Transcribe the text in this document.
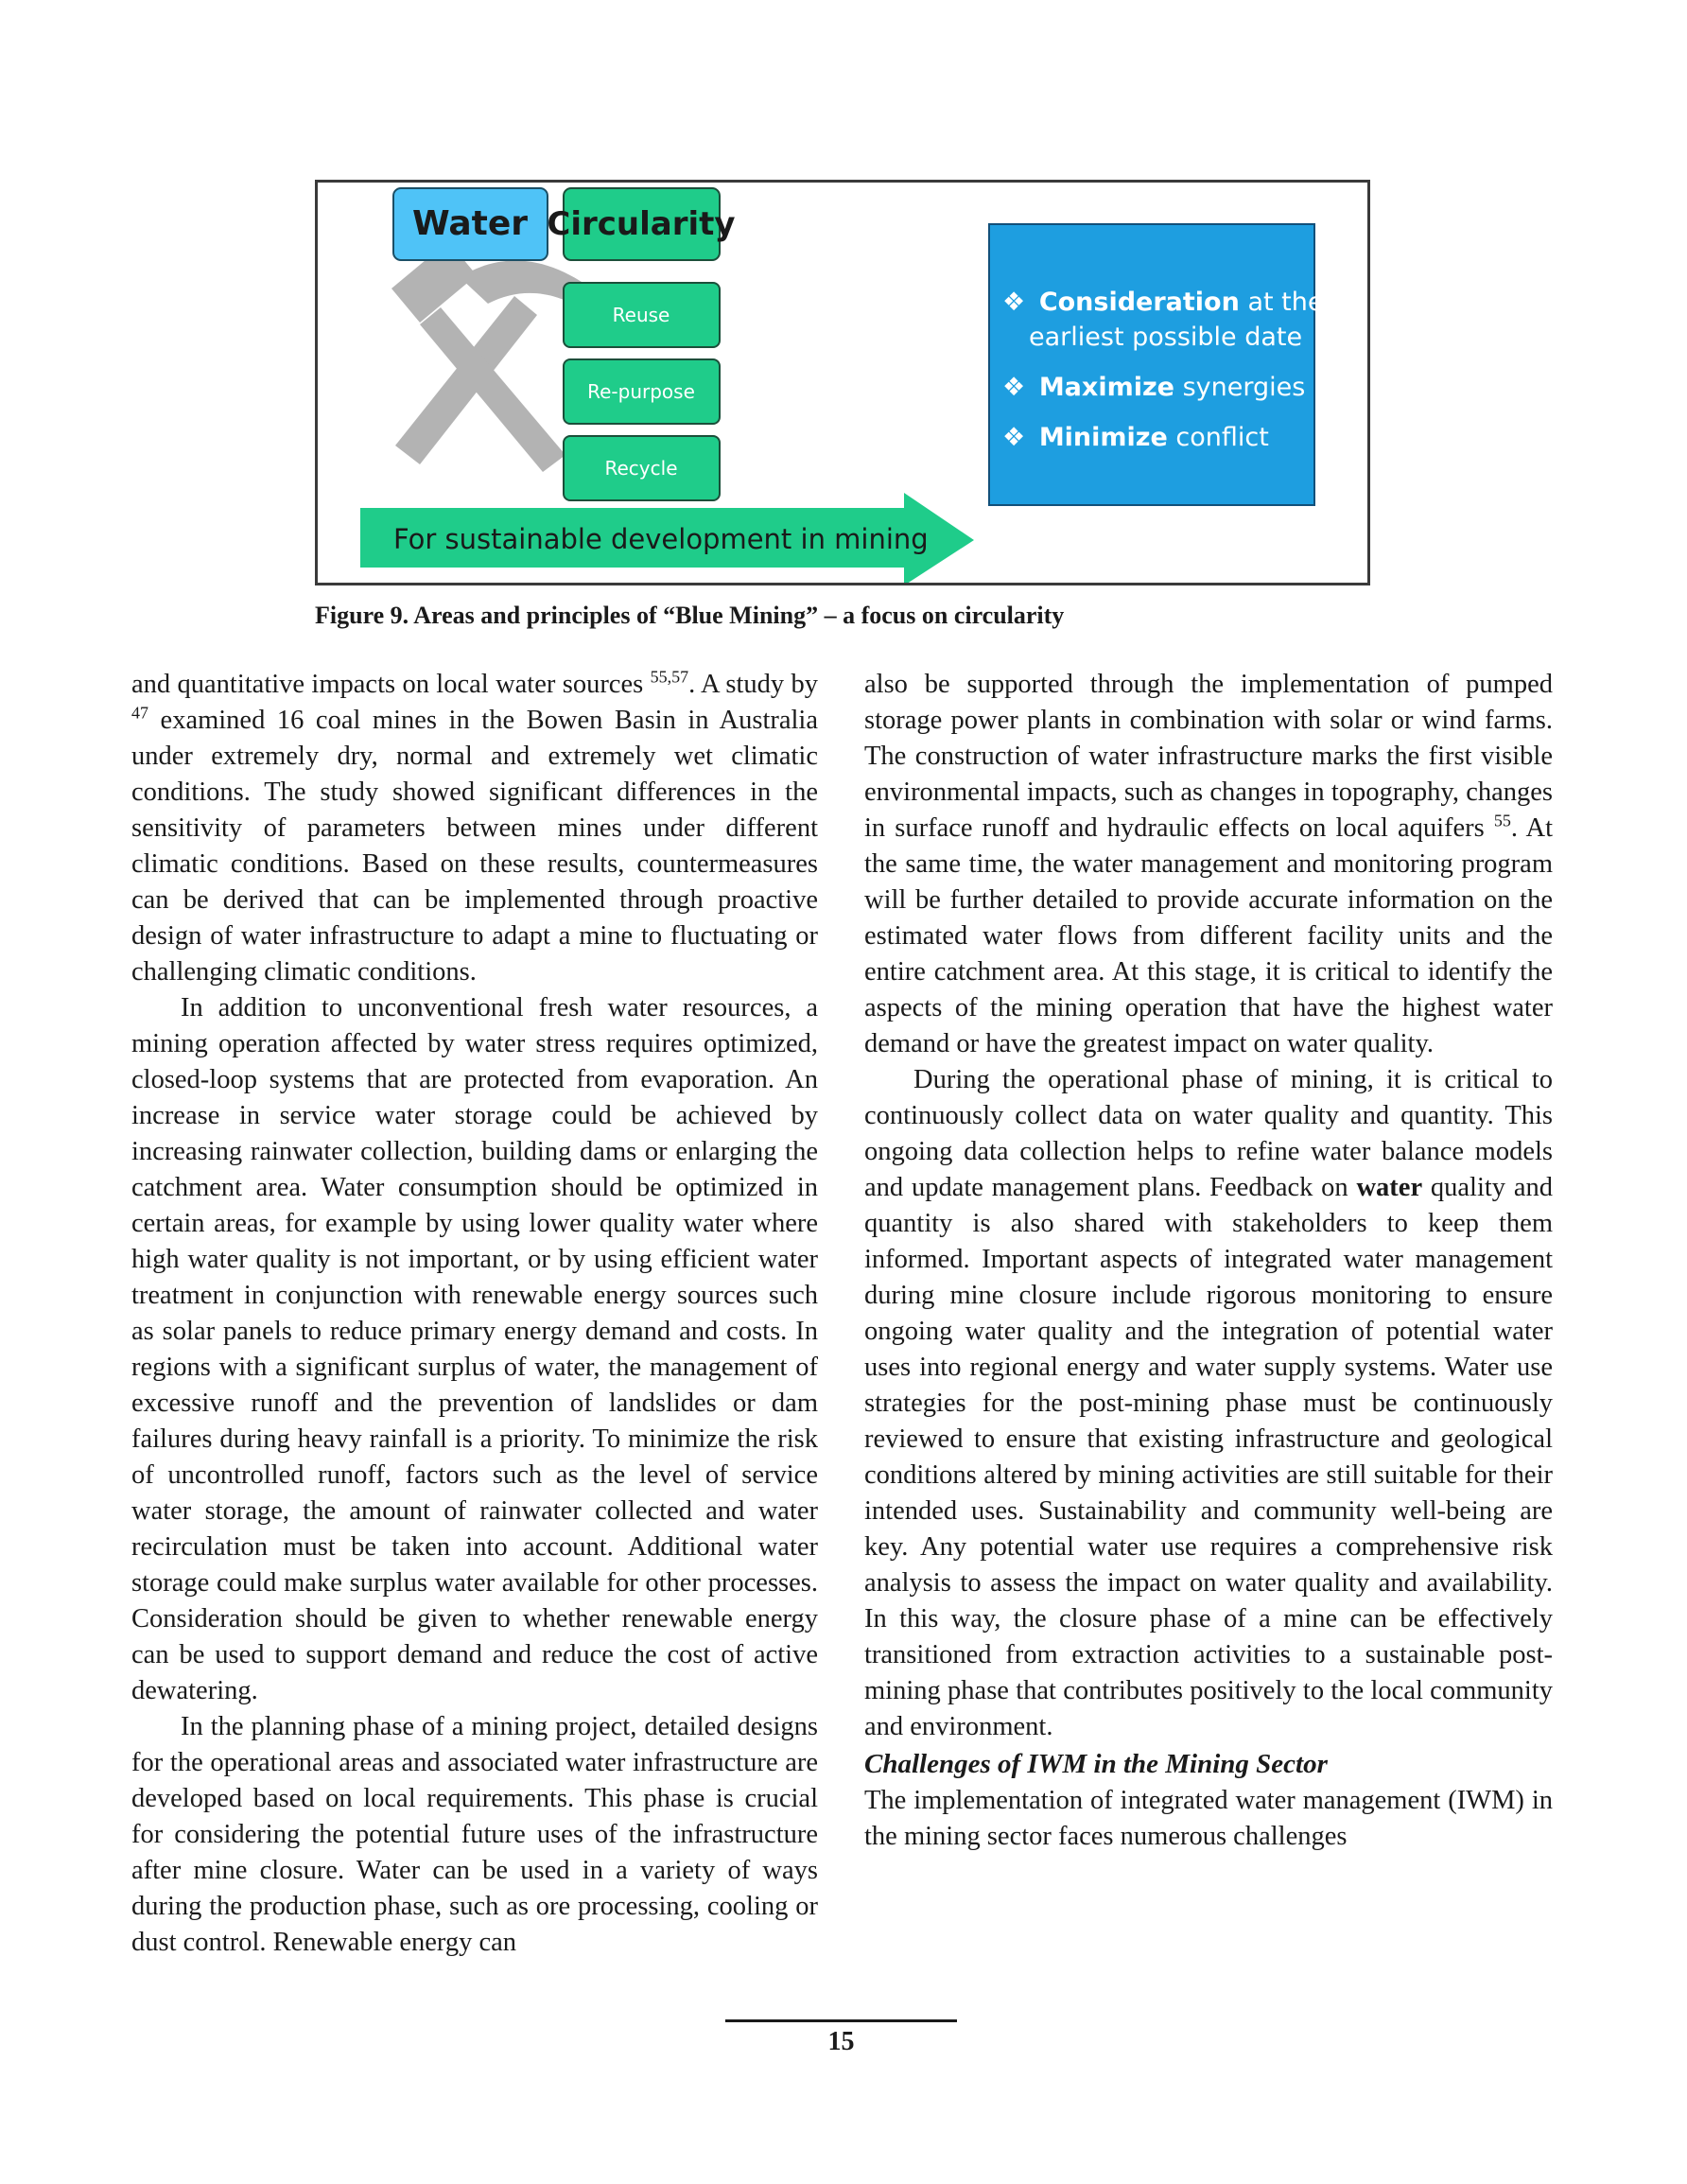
Water Circularity
Reuse
Re-purpose
Recycle
For sustainable development in mining
❖ Consideration at the
earliest possible date
❖ Maximize synergies
❖ Minimize conflict

Figure 9. Areas and principles of “Blue Mining” – a focus on circularity

and quantitative impacts on local water sources $^{55,57}$. A study by $^{47}$ examined 16 coal mines in the Bowen Basin in Australia under extremely dry, normal and extremely wet climatic conditions. The study showed significant differences in the sensitivity of parameters between mines under different climatic conditions. Based on these results, countermeasures can be derived that can be implemented through proactive design of water infrastructure to adapt a mine to fluctuating or challenging climatic conditions.

In addition to unconventional fresh water resources, a mining operation affected by water stress requires optimized, closed-loop systems that are protected from evaporation. An increase in service water storage could be achieved by increasing rainwater collection, building dams or enlarging the catchment area. Water consumption should be optimized in certain areas, for example by using lower quality water where high water quality is not important, or by using efficient water treatment in conjunction with renewable energy sources such as solar panels to reduce primary energy demand and costs. In regions with a significant surplus of water, the management of excessive runoff and the prevention of landslides or dam failures during heavy rainfall is a priority. To minimize the risk of uncontrolled runoff, factors such as the level of service water storage, the amount of rainwater collected and water recirculation must be taken into account. Additional water storage could make surplus water available for other processes. Consideration should be given to whether renewable energy can be used to support demand and reduce the cost of active dewatering.

In the planning phase of a mining project, detailed designs for the operational areas and associated water infrastructure are developed based on local requirements. This phase is crucial for considering the potential future uses of the infrastructure after mine closure. Water can be used in a variety of ways during the production phase, such as ore processing, cooling or dust control. Renewable energy can

also be supported through the implementation of pumped storage power plants in combination with solar or wind farms. The construction of water infrastructure marks the first visible environmental impacts, such as changes in topography, changes in surface runoff and hydraulic effects on local aquifers $^{55}$. At the same time, the water management and monitoring program will be further detailed to provide accurate information on the estimated water flows from different facility units and the entire catchment area. At this stage, it is critical to identify the aspects of the mining operation that have the highest water demand or have the greatest impact on water quality.

During the operational phase of mining, it is critical to continuously collect data on water quality and quantity. This ongoing data collection helps to refine water balance models and update management plans. Feedback on water quality and quantity is also shared with stakeholders to keep them informed. Important aspects of integrated water management during mine closure include rigorous monitoring to ensure ongoing water quality and the integration of potential water uses into regional energy and water supply systems. Water use strategies for the post-mining phase must be continuously reviewed to ensure that existing infrastructure and geological conditions altered by mining activities are still suitable for their intended uses. Sustainability and community well-being are key. Any potential water use requires a comprehensive risk analysis to assess the impact on water quality and availability. In this way, the closure phase of a mine can be effectively transitioned from extraction activities to a sustainable post-mining phase that contributes positively to the local community and environment.

Challenges of IWM in the Mining Sector

The implementation of integrated water management (IWM) in the mining sector faces numerous challenges

15
